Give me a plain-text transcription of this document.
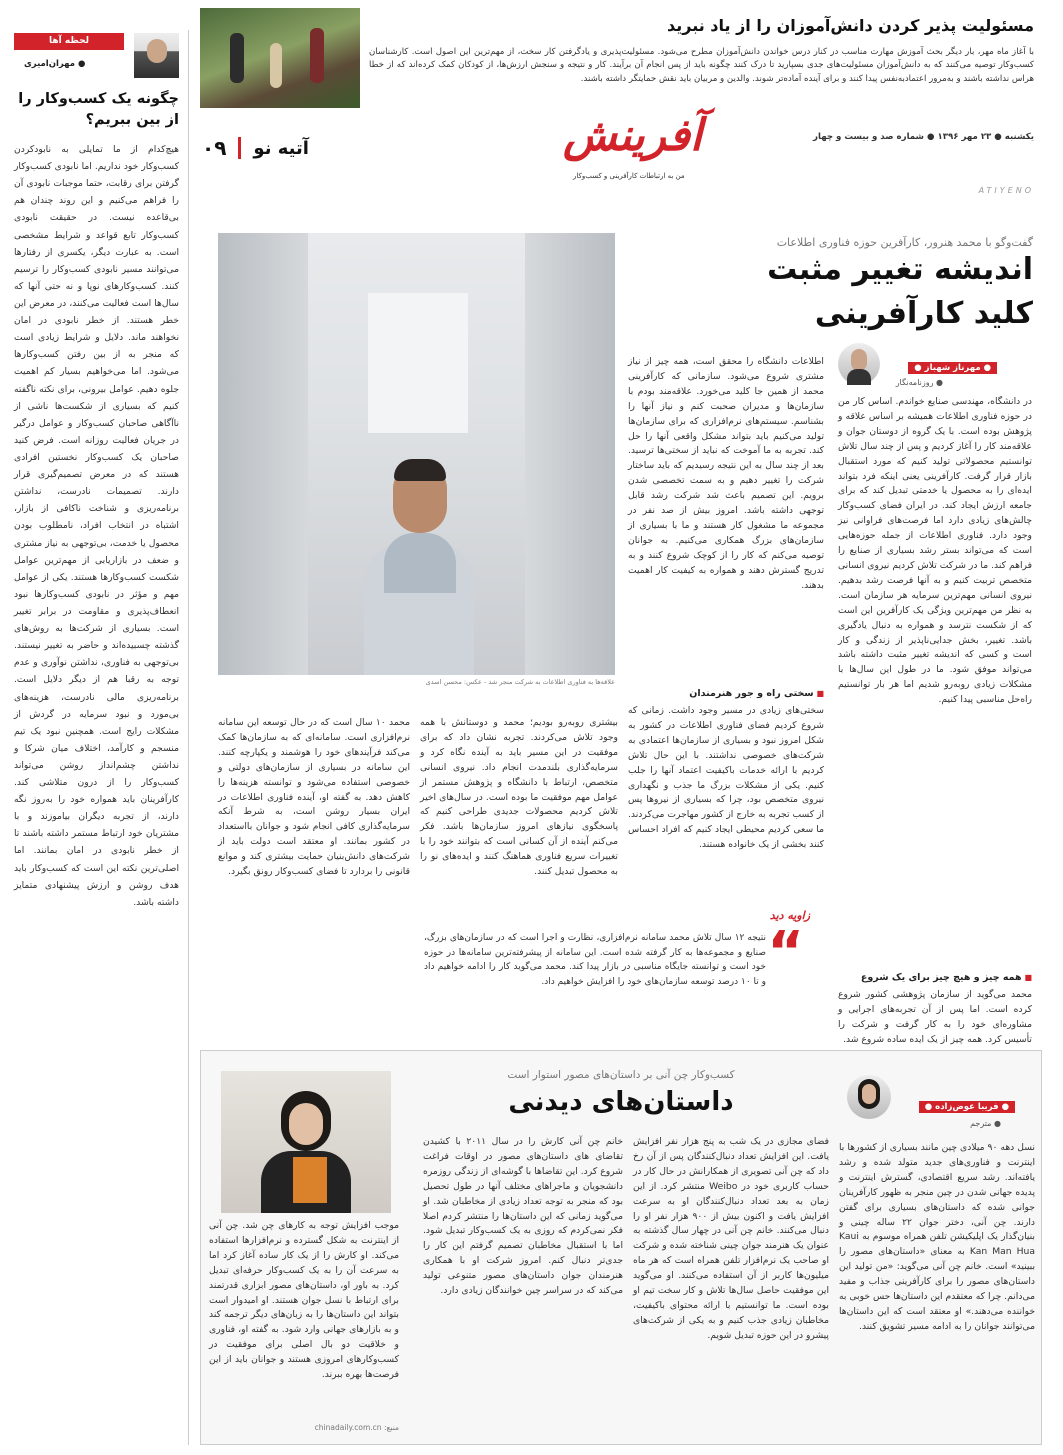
مسئولیت پذیر کردن دانش‌آموزان را از یاد نبرید
با آغاز ماه مهر، بار دیگر بحث آموزش مهارت مناسب در کنار درس خواندن دانش‌آموزان مطرح می‌شود. مسئولیت‌پذیری و یادگرفتن کار سخت، از مهم‌ترین این اصول است. کارشناسان کسب‌وکار توصیه می‌کنند که به دانش‌آموزان مسئولیت‌های جدی بسپارید تا درک کنند چگونه باید از پس انجام آن برآیند. کار و نتیجه و سنجش ارزش‌ها، از کودکان کمک کرده‌اند که از خطا هراس نداشته باشند و به‌مرور اعتمادبه‌نفس پیدا کنند و برای آینده آماده‌تر شوند. والدین و مربیان باید نقش حمایتگر داشته باشند.
آفرینش
من به ارتباطات کارآفرینی و کسب‌وکار
یکشنبه ● ۲۳ مهر ۱۳۹۶ ● شماره صد و بیست و چهار
۰۹ آتیه نو
ATIYENO
لحظه آها
● مهران‌امیری
چگونه یک کسب‌وکار را از بین ببریم؟
هیچ‌کدام از ما تمایلی به نابودکردن کسب‌وکار خود نداریم. اما نابودی کسب‌وکار گرفتن برای رقابت، حتما موجبات نابودی آن را فراهم می‌کنیم و این روند چندان هم بی‌قاعده نیست. در حقیقت نابودی کسب‌وکار تابع قواعد و شرایط مشخصی است. به عبارت دیگر، یکسری از رفتارها می‌توانند مسیر نابودی کسب‌وکار را ترسیم کنند. کسب‌وکارهای نوپا و نه حتی آنها که سال‌ها است فعالیت می‌کنند، در معرض این خطر هستند. از خطر نابودی در امان نخواهند ماند. دلایل و شرایط زیادی است که منجر به از بین رفتن کسب‌وکارها می‌شود. اما می‌خواهیم بسیار کم اهمیت جلوه دهیم. عوامل بیرونی، برای نکته ناگفته کنیم که بسیاری از شکست‌ها ناشی از ناآگاهی صاحبان کسب‌وکار و عوامل درگیر در جریان فعالیت روزانه است. فرض کنید صاحبان یک کسب‌وکار نخستین افرادی هستند که در معرض تصمیم‌گیری قرار دارند. تصمیمات نادرست، نداشتن برنامه‌ریزی و شناخت ناکافی از بازار، اشتباه در انتخاب افراد، نامطلوب بودن محصول یا خدمت، بی‌توجهی به نیاز مشتری و ضعف در بازاریابی از مهم‌ترین عوامل شکست کسب‌وکارها هستند. یکی از عوامل مهم و مؤثر در نابودی کسب‌وکارها نبود انعطاف‌پذیری و مقاومت در برابر تغییر است. بسیاری از شرکت‌ها به روش‌های گذشته چسبیده‌اند و حاضر به تغییر نیستند. بی‌توجهی به فناوری، نداشتن نوآوری و عدم توجه به رقبا هم از دیگر دلایل است. برنامه‌ریزی مالی نادرست، هزینه‌های بی‌مورد و نبود سرمایه در گردش از مشکلات رایج است. همچنین نبود یک تیم منسجم و کارآمد، اختلاف میان شرکا و نداشتن چشم‌انداز روشن می‌تواند کسب‌وکار را از درون متلاشی کند. کارآفرینان باید همواره خود را به‌روز نگه دارند، از تجربه دیگران بیاموزند و با مشتریان خود ارتباط مستمر داشته باشند تا از خطر نابودی در امان بمانند. اما اصلی‌ترین نکته این است که کسب‌وکار باید هدف روشن و ارزش پیشنهادی متمایز داشته باشد.
علاقه‌ها به فناوری اطلاعات به شرکت منجر شد - عکس: محسن اسدی
گفت‌وگو با محمد هنرور، کارآفرین حوزه فناوری اطلاعات
اندیشه تغییر مثبت
کلید کارآفرینی
● مهرناز شهباز ●
● روزنامه‌نگار
در دانشگاه، مهندسی صنایع خواندم. اساس کار من در حوزه فناوری اطلاعات همیشه بر اساس علاقه و پژوهش بوده است. با یک گروه از دوستان جوان و علاقه‌مند کار را آغاز کردیم و پس از چند سال تلاش توانستیم محصولاتی تولید کنیم که مورد استقبال بازار قرار گرفت. کارآفرینی یعنی اینکه فرد بتواند ایده‌ای را به محصول یا خدمتی تبدیل کند که برای جامعه ارزش ایجاد کند. در ایران فضای کسب‌وکار چالش‌های زیادی دارد اما فرصت‌های فراوانی نیز وجود دارد. فناوری اطلاعات از جمله حوزه‌هایی است که می‌تواند بستر رشد بسیاری از صنایع را فراهم کند. ما در شرکت تلاش کردیم نیروی انسانی متخصص تربیت کنیم و به آنها فرصت رشد بدهیم. نیروی انسانی مهم‌ترین سرمایه هر سازمان است. به نظر من مهم‌ترین ویژگی یک کارآفرین این است که از شکست نترسد و همواره به دنبال یادگیری باشد. تغییر، بخش جدایی‌ناپذیر از زندگی و کار است و کسی که اندیشه تغییر مثبت داشته باشد می‌تواند موفق شود. ما در طول این سال‌ها با مشکلات زیادی روبه‌رو شدیم اما هر بار توانستیم راه‌حل مناسبی پیدا کنیم.
■ همه چیز و هیچ چیز برای یک شروع
محمد می‌گوید از سازمان پژوهشی کشور شروع کرده است. اما پس از آن تجربه‌های اجرایی و مشاوره‌ای خود را به کار گرفت و شرکت را تأسیس کرد. همه چیز از یک ایده ساده شروع شد.
اطلاعات دانشگاه را محقق است، همه چیز از نیاز مشتری شروع می‌شود. سازمانی که کارآفرینی محمد از همین جا کلید می‌خورد. علاقه‌مند بودم با سازمان‌ها و مدیران صحبت کنم و نیاز آنها را بشناسم. سیستم‌های نرم‌افزاری که برای سازمان‌ها تولید می‌کنیم باید بتواند مشکل واقعی آنها را حل کند. تجربه به ما آموخت که نباید از سختی‌ها ترسید. بعد از چند سال به این نتیجه رسیدیم که باید ساختار شرکت را تغییر دهیم و به سمت تخصصی شدن برویم. این تصمیم باعث شد شرکت رشد قابل توجهی داشته باشد. امروز بیش از صد نفر در مجموعه ما مشغول کار هستند و ما با بسیاری از سازمان‌های بزرگ همکاری می‌کنیم. به جوانان توصیه می‌کنم که کار را از کوچک شروع کنند و به تدریج گسترش دهند و همواره به کیفیت کار اهمیت بدهند.
■ سختی راه و جور هنرمندان
سختی‌های زیادی در مسیر وجود داشت. زمانی که شروع کردیم فضای فناوری اطلاعات در کشور به شکل امروز نبود و بسیاری از سازمان‌ها اعتمادی به شرکت‌های خصوصی نداشتند. با این حال تلاش کردیم با ارائه خدمات باکیفیت اعتماد آنها را جلب کنیم. یکی از مشکلات بزرگ ما جذب و نگهداری نیروی متخصص بود، چرا که بسیاری از نیروها پس از کسب تجربه به خارج از کشور مهاجرت می‌کردند. ما سعی کردیم محیطی ایجاد کنیم که افراد احساس کنند بخشی از یک خانواده هستند.
بیشتری روبه‌رو بودیم؛ محمد و دوستانش با همه وجود تلاش می‌کردند. تجربه نشان داد که برای موفقیت در این مسیر باید به آینده نگاه کرد و سرمایه‌گذاری بلندمدت انجام داد. نیروی انسانی متخصص، ارتباط با دانشگاه و پژوهش مستمر از عوامل مهم موفقیت ما بوده است. در سال‌های اخیر تلاش کردیم محصولات جدیدی طراحی کنیم که پاسخگوی نیازهای امروز سازمان‌ها باشد. فکر می‌کنم آینده از آن کسانی است که بتوانند خود را با تغییرات سریع فناوری هماهنگ کنند و ایده‌های نو را به محصول تبدیل کنند.
محمد ۱۰ سال است که در حال توسعه این سامانه نرم‌افزاری است. سامانه‌ای که به سازمان‌ها کمک می‌کند فرآیندهای خود را هوشمند و یکپارچه کنند. این سامانه در بسیاری از سازمان‌های دولتی و خصوصی استفاده می‌شود و توانسته هزینه‌ها را کاهش دهد. به گفته او، آینده فناوری اطلاعات در ایران بسیار روشن است، به شرط آنکه سرمایه‌گذاری کافی انجام شود و جوانان بااستعداد در کشور بمانند. او معتقد است دولت باید از شرکت‌های دانش‌بنیان حمایت بیشتری کند و موانع قانونی را بردارد تا فضای کسب‌وکار رونق بگیرد.
زاویه دید
“
نتیجه ۱۲ سال تلاش محمد سامانه نرم‌افزاری، نظارت و اجرا است که در سازمان‌های بزرگ، صنایع و مجموعه‌ها به کار گرفته شده است. این سامانه از پیشرفته‌ترین سامانه‌ها در حوزه خود است و توانسته جایگاه مناسبی در بازار پیدا کند. محمد می‌گوید کار را ادامه خواهیم داد و تا ۱۰ درصد توسعه سازمان‌های خود را افزایش خواهیم داد.
کسب‌وکار چن آنی بر داستان‌های مصور استوار است
داستان‌های دیدنی	● فریبا عوض‌زاده ●
● مترجم
نسل دهه ۹۰ میلادی چین مانند بسیاری از کشورها با اینترنت و فناوری‌های جدید متولد شده و رشد یافته‌اند. رشد سریع اقتصادی، گسترش اینترنت و پدیده جهانی شدن در چین منجر به ظهور کارآفرینان جوانی شده که داستان‌های بسیاری برای گفتن دارند. چن آنی، دختر جوان ۲۲ ساله چینی و بنیان‌گذار یک اپلیکیشن تلفن همراه موسوم به Kaui Kan Man Hua به معنای «داستان‌های مصور را ببینید» است. خانم چن آنی می‌گوید: «من تولید این داستان‌های مصور را برای کارآفرینی جذاب و مفید می‌دانم. چرا که معتقدم این داستان‌ها حس خوبی به خواننده می‌دهند.» او معتقد است که این داستان‌ها می‌توانند جوانان را به ادامه مسیر تشویق کنند.
فضای مجازی در یک شب به پنج هزار نفر افزایش یافت. این افزایش تعداد دنبال‌کنندگان پس از آن رخ داد که چن آنی تصویری از همکارانش در حال کار در حساب کاربری خود در Weibo منتشر کرد. از این زمان به بعد تعداد دنبال‌کنندگان او به سرعت افزایش یافت و اکنون بیش از ۹۰۰ هزار نفر او را دنبال می‌کنند. خانم چن آنی در چهار سال گذشته به عنوان یک هنرمند جوان چینی شناخته شده و شرکت او صاحب یک نرم‌افزار تلفن همراه است که هر ماه میلیون‌ها کاربر از آن استفاده می‌کنند. او می‌گوید این موفقیت حاصل سال‌ها تلاش و کار سخت تیم او بوده است. ما توانستیم با ارائه محتوای باکیفیت، مخاطبان زیادی جذب کنیم و به یکی از شرکت‌های پیشرو در این حوزه تبدیل شویم.
خانم چن آنی کارش را در سال ۲۰۱۱ با کشیدن تقاضای های داستان‌های مصور در اوقات فراغت شروع کرد. این تقاضاها با گوشه‌ای از زندگی روزمره دانشجویان و ماجراهای مختلف آنها در طول تحصیل بود که منجر به توجه تعداد زیادی از مخاطبان شد. او می‌گوید زمانی که این داستان‌ها را منتشر کردم اصلا فکر نمی‌کردم که روزی به یک کسب‌وکار تبدیل شود. اما با استقبال مخاطبان تصمیم گرفتم این کار را جدی‌تر دنبال کنم. امروز شرکت او با همکاری هنرمندان جوان داستان‌های مصور متنوعی تولید می‌کند که در سراسر چین خوانندگان زیادی دارد.
موجب افزایش توجه به کارهای چن شد. چن آنی از اینترنت به شکل گسترده و نرم‌افزارها استفاده می‌کند. او کارش را از یک کار ساده آغاز کرد اما به سرعت آن را به یک کسب‌وکار حرفه‌ای تبدیل کرد. به باور او، داستان‌های مصور ابزاری قدرتمند برای ارتباط با نسل جوان هستند. او امیدوار است بتواند این داستان‌ها را به زبان‌های دیگر ترجمه کند و به بازارهای جهانی وارد شود. به گفته او، فناوری و خلاقیت دو بال اصلی برای موفقیت در کسب‌وکارهای امروزی هستند و جوانان باید از این فرصت‌ها بهره ببرند.
منبع: chinadaily.com.cn
